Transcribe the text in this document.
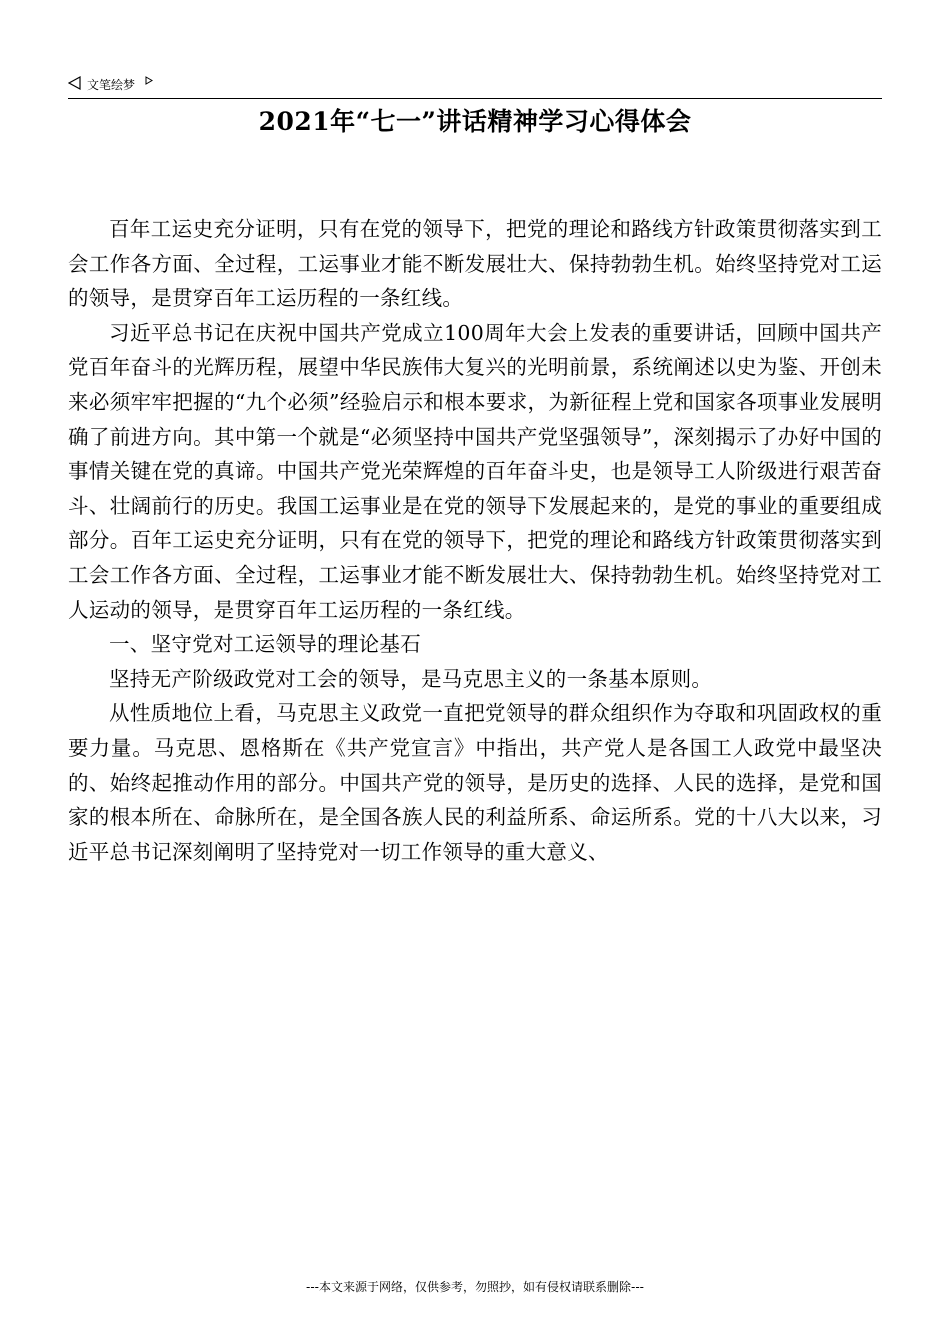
文笔绘梦
2021年“七一”讲话精神学习心得体会

百年工运史充分证明，只有在党的领导下，把党的理论和路线方针政策贯彻落实到工会工作各方面、全过程，工运事业才能不断发展壮大、保持勃勃生机。始终坚持党对工运的领导，是贯穿百年工运历程的一条红线。

习近平总书记在庆祝中国共产党成立100周年大会上发表的重要讲话，回顾中国共产党百年奋斗的光辉历程，展望中华民族伟大复兴的光明前景，系统阐述以史为鉴、开创未来必须牢牢把握的“九个必须”经验启示和根本要求，为新征程上党和国家各项事业发展明确了前进方向。其中第一个就是“必须坚持中国共产党坚强领导”，深刻揭示了办好中国的事情关键在党的真谛。中国共产党光荣辉煌的百年奋斗史，也是领导工人阶级进行艰苦奋斗、壮阔前行的历史。我国工运事业是在党的领导下发展起来的，是党的事业的重要组成部分。百年工运史充分证明，只有在党的领导下，把党的理论和路线方针政策贯彻落实到工会工作各方面、全过程，工运事业才能不断发展壮大、保持勃勃生机。始终坚持党对工人运动的领导，是贯穿百年工运历程的一条红线。

一、坚守党对工运领导的理论基石

坚持无产阶级政党对工会的领导，是马克思主义的一条基本原则。

从性质地位上看，马克思主义政党一直把党领导的群众组织作为夺取和巩固政权的重要力量。马克思、恩格斯在《共产党宣言》中指出，共产党人是各国工人政党中最坚决的、始终起推动作用的部分。中国共产党的领导，是历史的选择、人民的选择，是党和国家的根本所在、命脉所在，是全国各族人民的利益所系、命运所系。党的十八大以来，习近平总书记深刻阐明了坚持党对一切工作领导的重大意义、

---本文来源于网络，仅供参考，勿照抄，如有侵权请联系删除---
